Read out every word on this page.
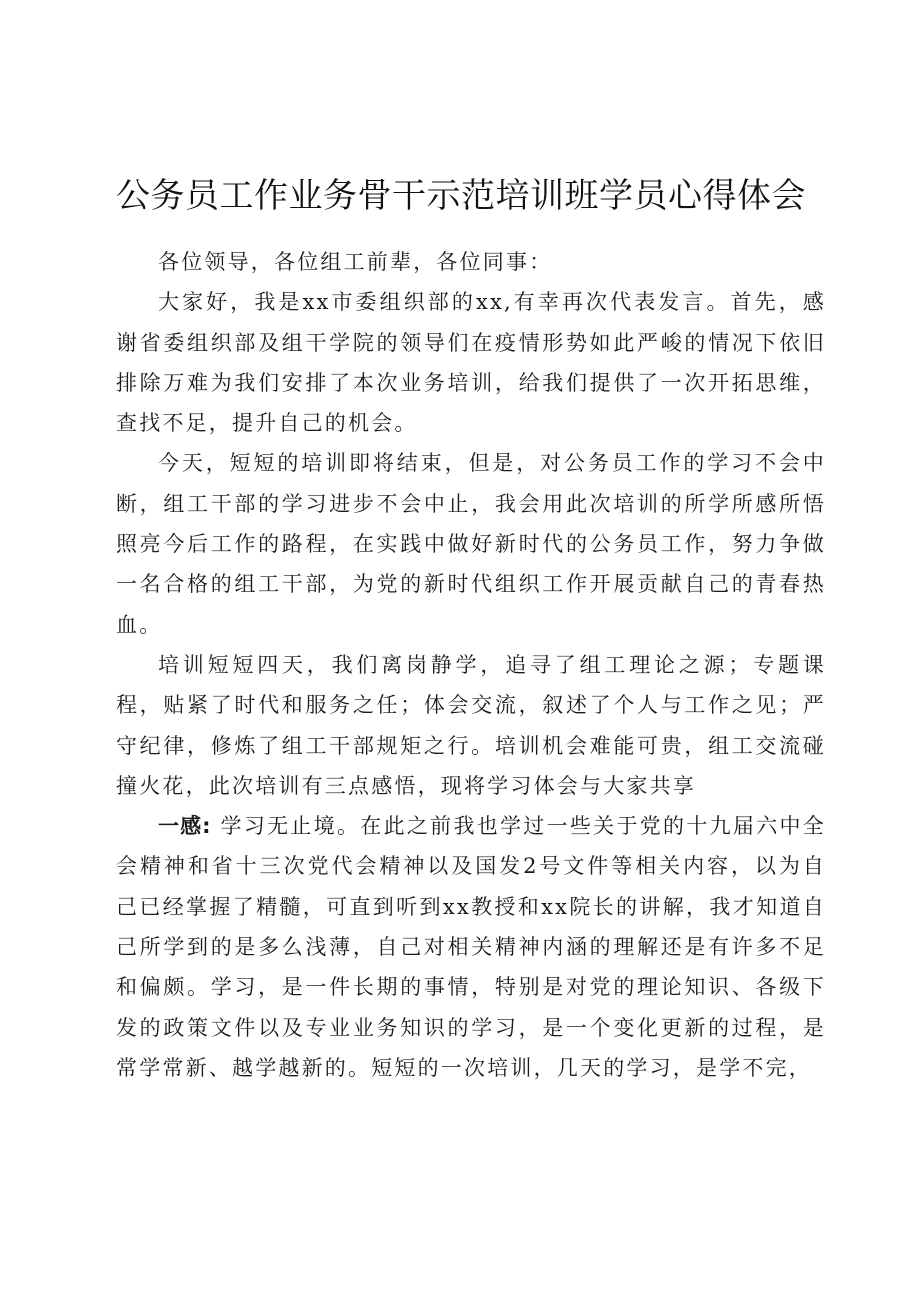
公务员工作业务骨干示范培训班学员心得体会

各位领导，各位组工前辈，各位同事：

大家好，我是xx市委组织部的xx,有幸再次代表发言。首先，感谢省委组织部及组干学院的领导们在疫情形势如此严峻的情况下依旧排除万难为我们安排了本次业务培训，给我们提供了一次开拓思维，查找不足，提升自己的机会。

今天，短短的培训即将结束，但是，对公务员工作的学习不会中断，组工干部的学习进步不会中止，我会用此次培训的所学所感所悟照亮今后工作的路程，在实践中做好新时代的公务员工作，努力争做一名合格的组工干部，为党的新时代组织工作开展贡献自己的青春热血。

培训短短四天，我们离岗静学，追寻了组工理论之源；专题课程，贴紧了时代和服务之任；体会交流，叙述了个人与工作之见；严守纪律，修炼了组工干部规矩之行。培训机会难能可贵，组工交流碰撞火花，此次培训有三点感悟，现将学习体会与大家共享

一感: 学习无止境。在此之前我也学过一些关于党的十九届六中全会精神和省十三次党代会精神以及国发2号文件等相关内容，以为自己已经掌握了精髓，可直到听到xx教授和xx院长的讲解，我才知道自己所学到的是多么浅薄，自己对相关精神内涵的理解还是有许多不足和偏颇。学习，是一件长期的事情，特别是对党的理论知识、各级下发的政策文件以及专业业务知识的学习，是一个变化更新的过程，是常学常新、越学越新的。短短的一次培训，几天的学习，是学不完，
